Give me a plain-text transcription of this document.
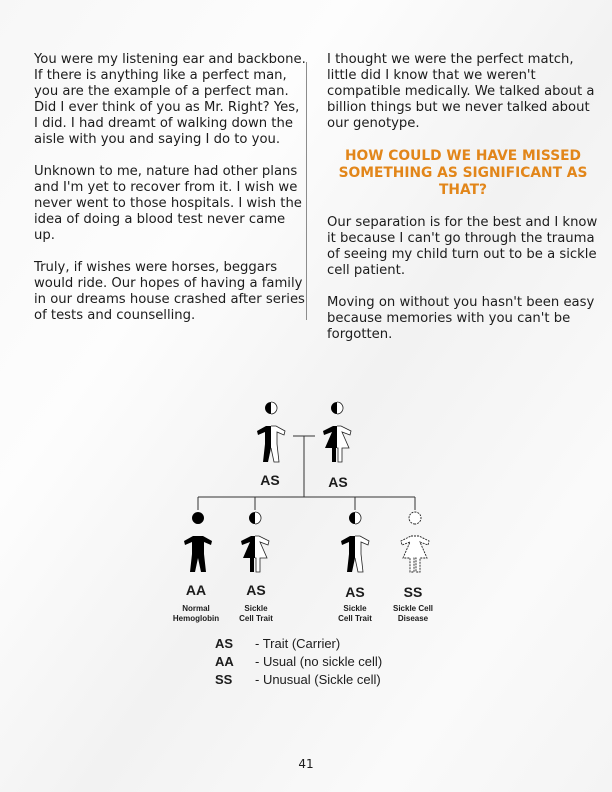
You were my listening ear and backbone. If there is anything like a perfect man, you are the example of a perfect man. Did I ever think of you as Mr. Right? Yes, I did. I had dreamt of walking down the aisle with you and saying I do to you.

Unknown to me, nature had other plans and I'm yet to recover from it. I wish we never went to those hospitals. I wish the idea of doing a blood test never came up.

Truly, if wishes were horses, beggars would ride. Our hopes of having a family in our dreams house crashed after series of tests and counselling.

I thought we were the perfect match, little did I know that we weren't compatible medically. We talked about a billion things but we never talked about our genotype.

HOW COULD WE HAVE MISSED SOMETHING AS SIGNIFICANT AS THAT?

Our separation is for the best and I know it because I can't go through the trauma of seeing my child turn out to be a sickle cell patient.

Moving on without you hasn't been easy because memories with you can't be forgotten.

AS	AS
AA	AS	AS	SS
Normal
Hemoglobin
Sickle
Cell Trait
Sickle
Cell Trait
Sickle Cell
Disease
AS - Trait (Carrier)
AA - Usual (no sickle cell)
SS - Unusual (Sickle cell)
41
